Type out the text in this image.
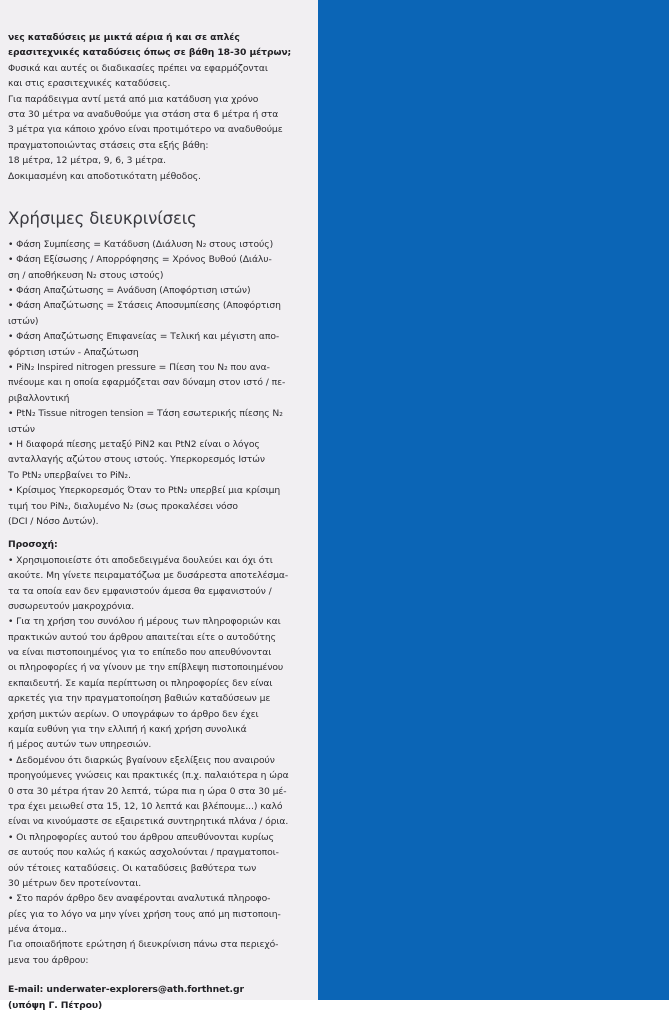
νες καταδύσεις με μικτά αέρια ή και σε απλές
ερασιτεχνικές καταδύσεις όπως σε βάθη 18-30 μέτρων;
Φυσικά και αυτές οι διαδικασίες πρέπει να εφαρμόζονται
και στις ερασιτεχνικές καταδύσεις.
Για παράδειγμα αντί μετά από μια κατάδυση για χρόνο
στα 30 μέτρα να αναδυθούμε για στάση στα 6 μέτρα ή στα
3 μέτρα για κάποιο χρόνο είναι προτιμότερο να αναδυθούμε
πραγματοποιώντας στάσεις στα εξής βάθη:
18 μέτρα, 12 μέτρα, 9, 6, 3 μέτρα.
Δοκιμασμένη και αποδοτικότατη μέθοδος.
Χρήσιμες διευκρινίσεις
• Φάση Συμπίεσης = Κατάδυση (Διάλυση N₂ στους ιστούς)
• Φάση Εξίσωσης / Απορρόφησης = Χρόνος Βυθού (Διάλυ-
ση / αποθήκευση N₂ στους ιστούς)
• Φάση Απαζώτωσης = Ανάδυση (Αποφόρτιση ιστών)
• Φάση Απαζώτωσης = Στάσεις Αποσυμπίεσης (Αποφόρτιση
ιστών)
• Φάση Απαζώτωσης Επιφανείας = Τελική και μέγιστη απο-
φόρτιση ιστών - Απαζώτωση
• PiN₂ Inspired nitrogen pressure = Πίεση του N₂ που ανα-
πνέουμε και η οποία εφαρμόζεται σαν δύναμη στον ιστό / πε-
ριβαλλοντική
• PtN₂ Tissue nitrogen tension = Τάση εσωτερικής πίεσης N₂
ιστών
• Η διαφορά πίεσης μεταξύ PiN2 και PtN2 είναι ο λόγος
ανταλλαγής αζώτου στους ιστούς. Υπερκορεσμός Ιστών
Το PtN₂ υπερβαίνει το PiN₂.
• Κρίσιμος Υπερκορεσμός Όταν το PtN₂ υπερβεί μια κρίσιμη
τιμή του PiN₂, διαλυμένο N₂ (σως προκαλέσει νόσο
(DCI / Νόσο Δυτών).
Προσοχή:
• Χρησιμοποιείστε ότι αποδεδειγμένα δουλεύει και όχι ότι
ακούτε. Μη γίνετε πειραματόζωα με δυσάρεστα αποτελέσμα-
τα τα οποία εαν δεν εμφανιστούν άμεσα θα εμφανιστούν /
συσωρευτούν μακροχρόνια.
• Για τη χρήση του συνόλου ή μέρους των πληροφοριών και
πρακτικών αυτού του άρθρου απαιτείται είτε ο αυτοδύτης
να είναι πιστοποιημένος για το επίπεδο που απευθύνονται
οι πληροφορίες ή να γίνουν με την επίβλεψη πιστοποιημένου
εκπαιδευτή. Σε καμία περίπτωση οι πληροφορίες δεν είναι
αρκετές για την πραγματοποίηση βαθιών καταδύσεων με
χρήση μικτών αερίων. Ο υπογράφων το άρθρο δεν έχει
καμία ευθύνη για την ελλιπή ή κακή χρήση συνολικά
ή μέρος αυτών των υπηρεσιών.
• Δεδομένου ότι διαρκώς βγαίνουν εξελίξεις που αναιρούν
προηγούμενες γνώσεις και πρακτικές (π.χ. παλαιότερα η ώρα
0 στα 30 μέτρα ήταν 20 λεπτά, τώρα πια η ώρα 0 στα 30 μέ-
τρα έχει μειωθεί στα 15, 12, 10 λεπτά και βλέπουμε...) καλό
είναι να κινούμαστε σε εξαιρετικά συντηρητικά πλάνα / όρια.
• Οι πληροφορίες αυτού του άρθρου απευθύνονται κυρίως
σε αυτούς που καλώς ή κακώς ασχολούνται / πραγματοποι-
ούν τέτοιες καταδύσεις. Οι καταδύσεις βαθύτερα των
30 μέτρων δεν προτείνονται.
• Στο παρόν άρθρο δεν αναφέρονται αναλυτικά πληροφο-
ρίες για το λόγο να μην γίνει χρήση τους από μη πιστοποιη-
μένα άτομα..
Για οποιαδήποτε ερώτηση ή διευκρίνιση πάνω στα περιεχό-
μενα του άρθρου:
E-mail: underwater-explorers@ath.forthnet.gr
(υπόψη Γ. Πέτρου)
